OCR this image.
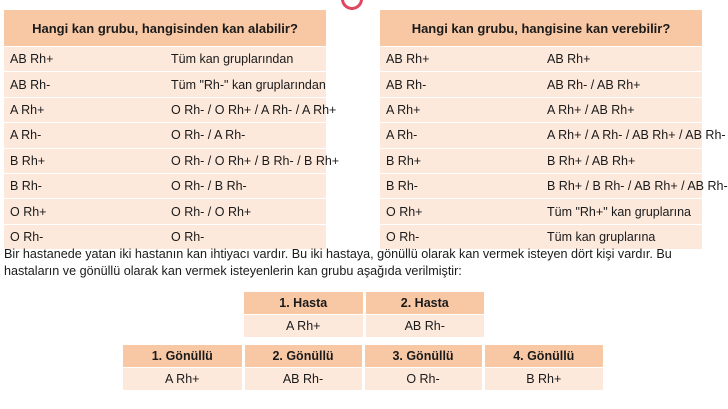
Hangi kan grubu, hangisinden kan alabilir?	
AB Rh+	Tüm kan gruplarından
AB Rh-	Tüm "Rh-" kan gruplarından
A Rh+	O Rh- / O Rh+ / A Rh- / A Rh+
A Rh-	O Rh- / A Rh-
B Rh+	O Rh- / O Rh+ / B Rh- / B Rh+
B Rh-	O Rh- / B Rh-
O Rh+	O Rh- / O Rh+
O Rh-	O Rh-
Hangi kan grubu, hangisine kan verebilir?	
AB Rh+	AB Rh+
AB Rh-	AB Rh- / AB Rh+
A Rh+	A Rh+ / AB Rh+
A Rh-	A Rh+ / A Rh- / AB Rh+ / AB Rh-
B Rh+	B Rh+ / AB Rh+
B Rh-	B Rh+ / B Rh- / AB Rh+ / AB Rh-
O Rh+	Tüm "Rh+" kan gruplarına
O Rh-	Tüm kan gruplarına

Bir hastanede yatan iki hastanın kan ihtiyacı vardır. Bu iki hastaya, gönüllü olarak kan vermek isteyen dört kişi vardır. Bu
hastaların ve gönüllü olarak kan vermek isteyenlerin kan grubu aşağıda verilmiştir:

1. Hasta	2. Hasta
A Rh+	AB Rh-
1. Gönüllü	2. Gönüllü	3. Gönüllü	4. Gönüllü
A Rh+	AB Rh-	O Rh-	B Rh+
